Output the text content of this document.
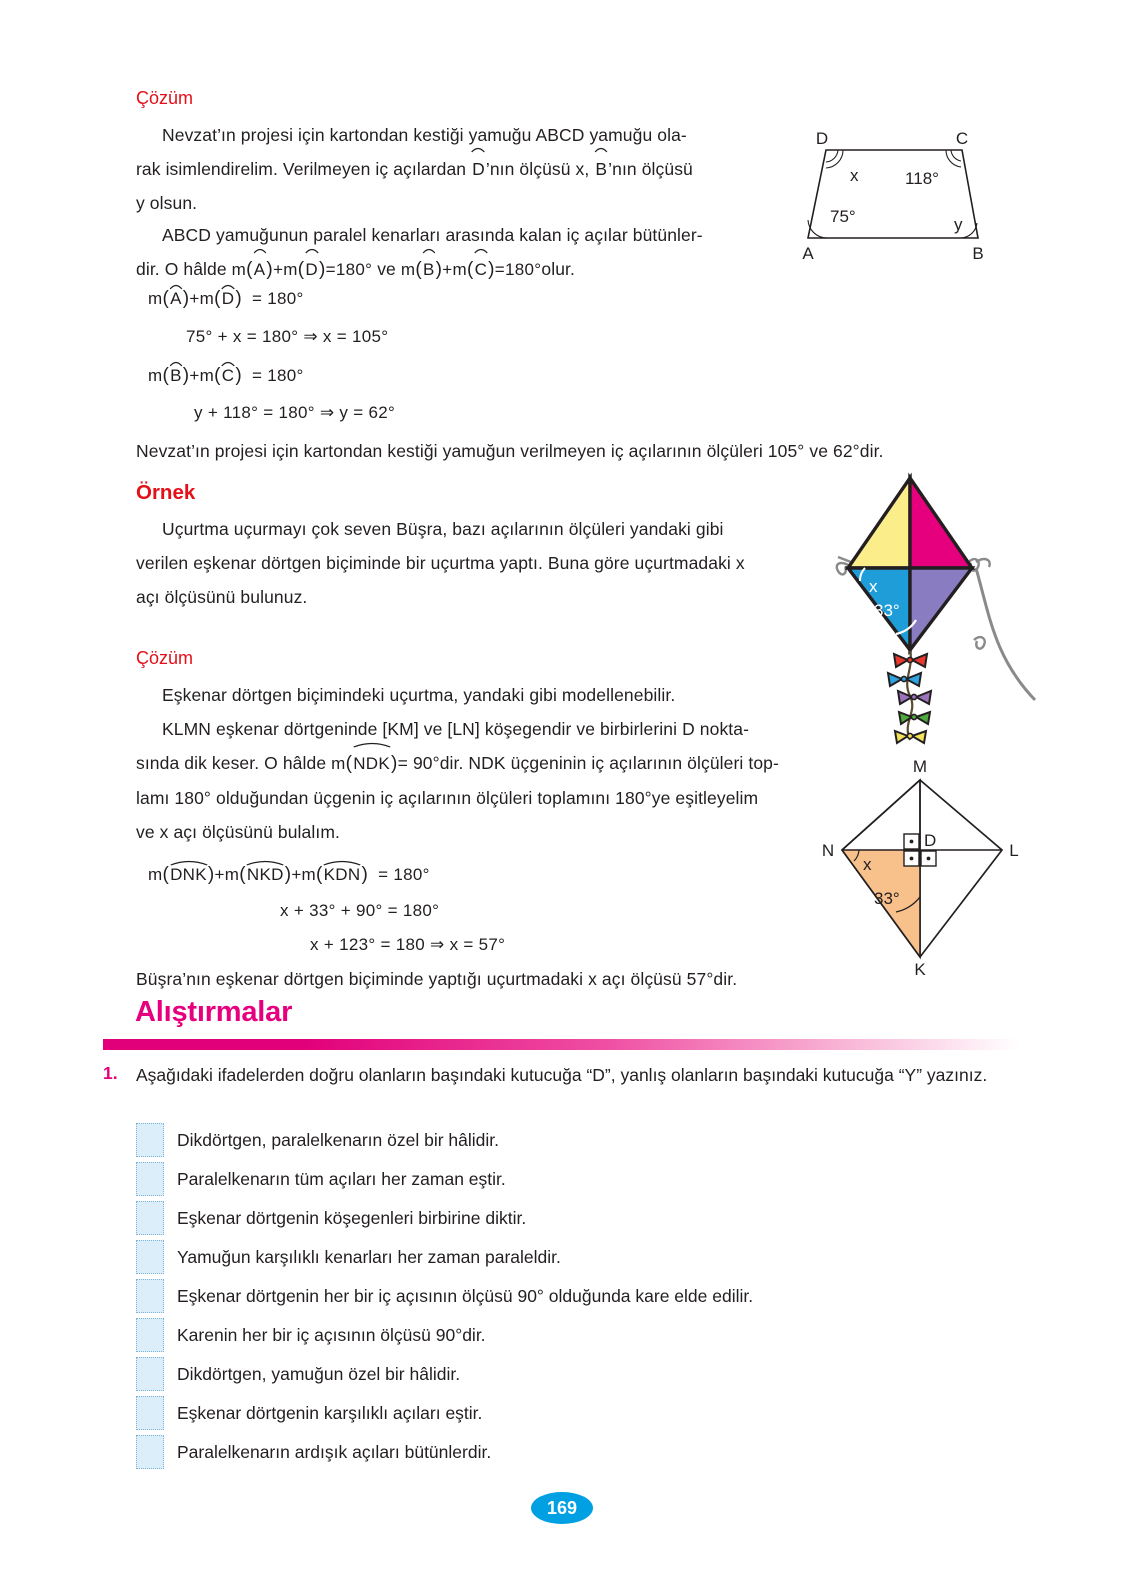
Çözüm
Nevzat’ın projesi için kartondan kestiği yamuğu ABCD yamuğu ola-
rak isimlendirelim. Verilmeyen iç açılardan D’nın ölçüsü x, B’nın ölçüsü
y olsun.
ABCD yamuğunun paralel kenarları arasında kalan iç açılar bütünler-
dir. O hâlde m(
A)+m(
D)=180° ve m(
B)+m(
C)=180°olur.
m(
A)+m(
D)  = 180°
75° + x = 180° ⇒ x = 105°
m(
B)+m(
C)  = 180°
y + 118° = 180° ⇒ y = 62°
Nevzat’ın projesi için kartondan kestiği yamuğun verilmeyen iç açılarının ölçüleri 105° ve 62°dir.
D	C
A	B
x	118°
75°	y
Örnek
Uçurtma uçurmayı çok seven Büşra, bazı açılarının ölçüleri yandaki gibi
verilen eşkenar dörtgen biçiminde bir uçurtma yaptı. Buna göre uçurtmadaki x
açı ölçüsünü bulunuz.
x
33°
Çözüm
Eşkenar dörtgen biçimindeki uçurtma, yandaki gibi modellenebilir.
KLMN eşkenar dörtgeninde [KM] ve [LN] köşegendir ve birbirlerini D nokta-
sında dik keser. O hâlde m(
NDK)= 90°dir. NDK üçgeninin iç açılarının ölçüleri top-
lamı 180° olduğundan üçgenin iç açılarının ölçüleri toplamını 180°ye eşitleyelim
ve x açı ölçüsünü bulalım.
m(
DNK)+m(
NKD)+m(
KDN)  = 180°
x + 33° + 90° = 180°
x + 123° = 180 ⇒ x = 57°
Büşra’nın eşkenar dörtgen biçiminde yaptığı uçurtmadaki x açı ölçüsü 57°dir.
M
N	L
K
D
x
33°
Alıştırmalar
1. Aşağıdaki ifadelerden doğru olanların başındaki kutucuğa “D”, yanlış olanların başındaki kutucuğa “Y” yazınız.
Dikdörtgen, paralelkenarın özel bir hâlidir.
Paralelkenarın tüm açıları her zaman eştir.
Eşkenar dörtgenin köşegenleri birbirine diktir.
Yamuğun karşılıklı kenarları her zaman paraleldir.
Eşkenar dörtgenin her bir iç açısının ölçüsü 90° olduğunda kare elde edilir.
Karenin her bir iç açısının ölçüsü 90°dir.
Dikdörtgen, yamuğun özel bir hâlidir.
Eşkenar dörtgenin karşılıklı açıları eştir.
Paralelkenarın ardışık açıları bütünlerdir.
169
